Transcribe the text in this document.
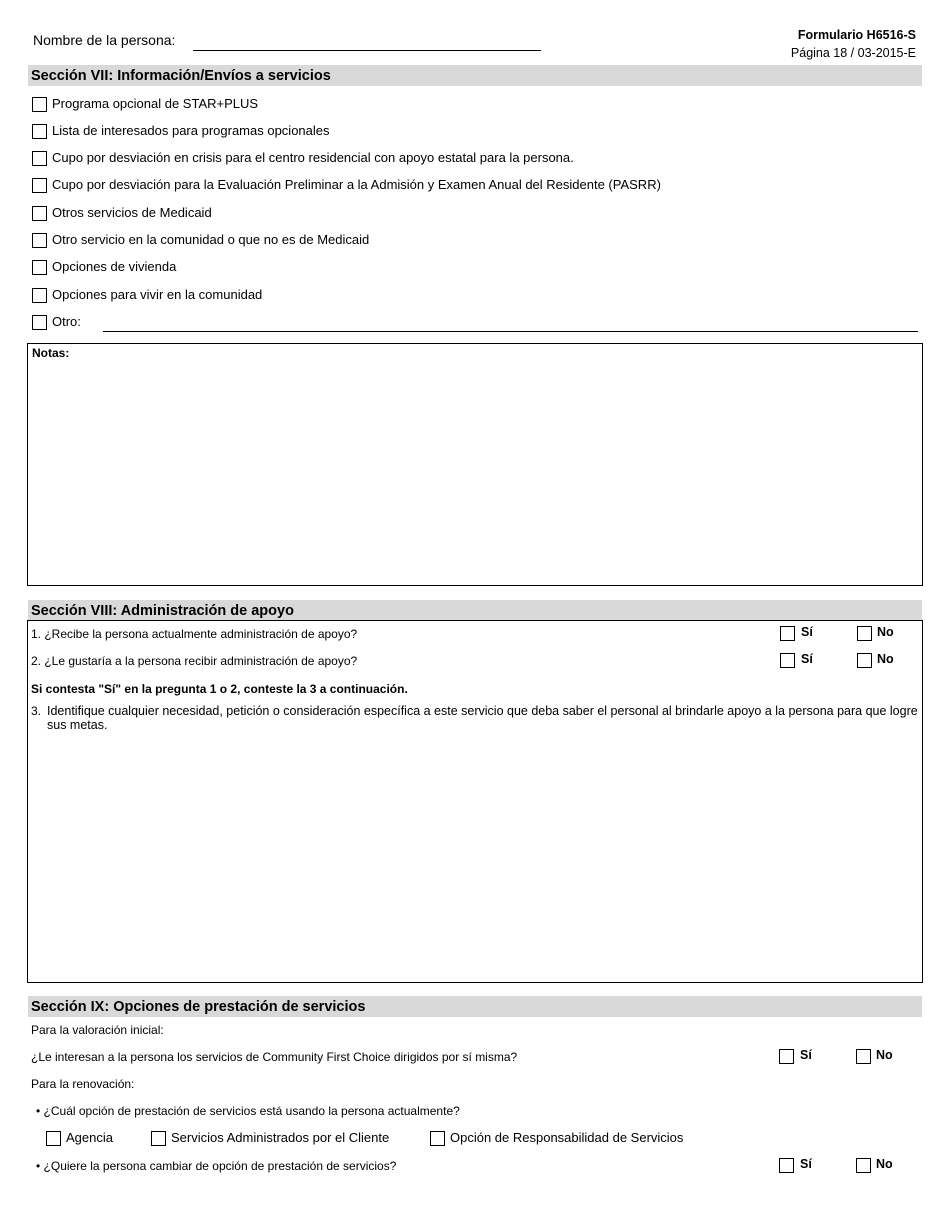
Nombre de la persona:	Formulario H6516-S
Página 18 / 03-2015-E
Sección VII: Información/Envíos a servicios
Programa opcional de STAR+PLUS
Lista de interesados para programas opcionales
Cupo por desviación en crisis para el centro residencial con apoyo estatal para la persona.
Cupo por desviación para la Evaluación Preliminar a la Admisión y Examen Anual del Residente (PASRR)
Otros servicios de Medicaid
Otro servicio en la comunidad o que no es de Medicaid
Opciones de vivienda
Opciones para vivir en la comunidad
Otro:
Notas:
Sección VIII: Administración de apoyo
1. ¿Recibe la persona actualmente administración de apoyo?	Sí	No
2. ¿Le gustaría a la persona recibir administración de apoyo?	Sí	No
Si contesta "Sí" en la pregunta 1 o 2, conteste la 3 a continuación.
3. Identifique cualquier necesidad, petición o consideración específica a este servicio que deba saber el personal al brindarle apoyo a la persona para que logre
sus metas.
Sección IX: Opciones de prestación de servicios
Para la valoración inicial:
¿Le interesan a la persona los servicios de Community First Choice dirigidos por sí misma?	Sí	No
Para la renovación:
• ¿Cuál opción de prestación de servicios está usando la persona actualmente?
Agencia	Servicios Administrados por el Cliente	Opción de Responsabilidad de Servicios
• ¿Quiere la persona cambiar de opción de prestación de servicios?	Sí	No
